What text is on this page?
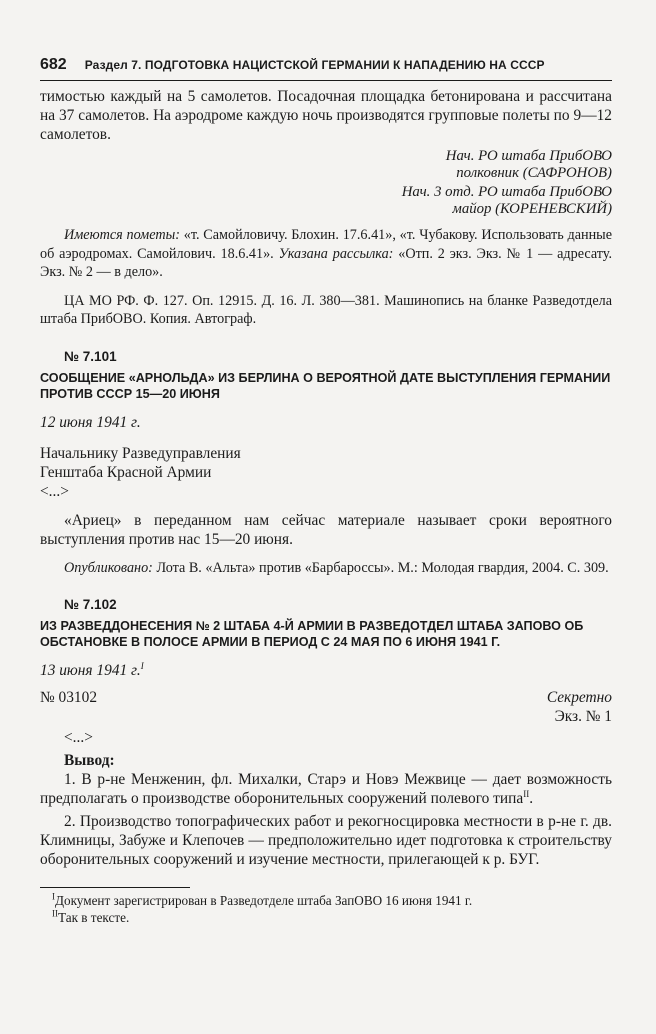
682 Раздел 7. ПОДГОТОВКА НАЦИСТСКОЙ ГЕРМАНИИ К НАПАДЕНИЮ НА СССР

тимостью каждый на 5 самолетов. Посадочная площадка бетонирована и рассчитана на 37 самолетов. На аэродроме каждую ночь производятся групповые полеты по 9—12 самолетов.

Нач. РО штаба ПрибОВО
полковник (САФРОНОВ)
Нач. 3 отд. РО штаба ПрибОВО
майор (КОРЕНЕВСКИЙ)

Имеются пометы: «т. Самойловичу. Блохин. 17.6.41», «т. Чубакову. Использовать данные об аэродромах. Самойлович. 18.6.41». Указана рассылка: «Отп. 2 экз. Экз. № 1 — адресату. Экз. № 2 — в дело».

ЦА МО РФ. Ф. 127. Оп. 12915. Д. 16. Л. 380—381. Машинопись на бланке Разведотдела штаба ПрибОВО. Копия. Автограф.

№ 7.101
СООБЩЕНИЕ «АРНОЛЬДА» ИЗ БЕРЛИНА О ВЕРОЯТНОЙ ДАТЕ ВЫСТУПЛЕНИЯ ГЕРМАНИИ ПРОТИВ СССР 15—20 ИЮНЯ
12 июня 1941 г.
Начальнику Разведуправления
Генштаба Красной Армии
<...>

«Ариец» в переданном нам сейчас материале называет сроки вероятного выступления против нас 15—20 июня.

Опубликовано: Лота В. «Альта» против «Барбароссы». М.: Молодая гвардия, 2004. С. 309.

№ 7.102
ИЗ РАЗВЕДДОНЕСЕНИЯ № 2 ШТАБА 4-Й АРМИИ В РАЗВЕДОТДЕЛ ШТАБА ЗАПОВО ОБ ОБСТАНОВКЕ В ПОЛОСЕ АРМИИ В ПЕРИОД С 24 МАЯ ПО 6 ИЮНЯ 1941 Г.
13 июня 1941 г.$^I$
№ 03102	Секретно
Экз. № 1
<...>
Вывод:

1. В р-не Менженин, фл. Михалки, Старэ и Новэ Межвице — дает возможность предполагать о производстве оборонительных сооружений полевого типа$^{II}$.

2. Производство топографических работ и рекогносцировка местности в р-не г. дв. Климницы, Забуже и Клепочев — предположительно идет подготовка к строительству оборонительных сооружений и изучение местности, прилегающей к р. БУГ.

$^I$Документ зарегистрирован в Разведотделе штаба ЗапОВО 16 июня 1941 г.
$^{II}$Так в тексте.
